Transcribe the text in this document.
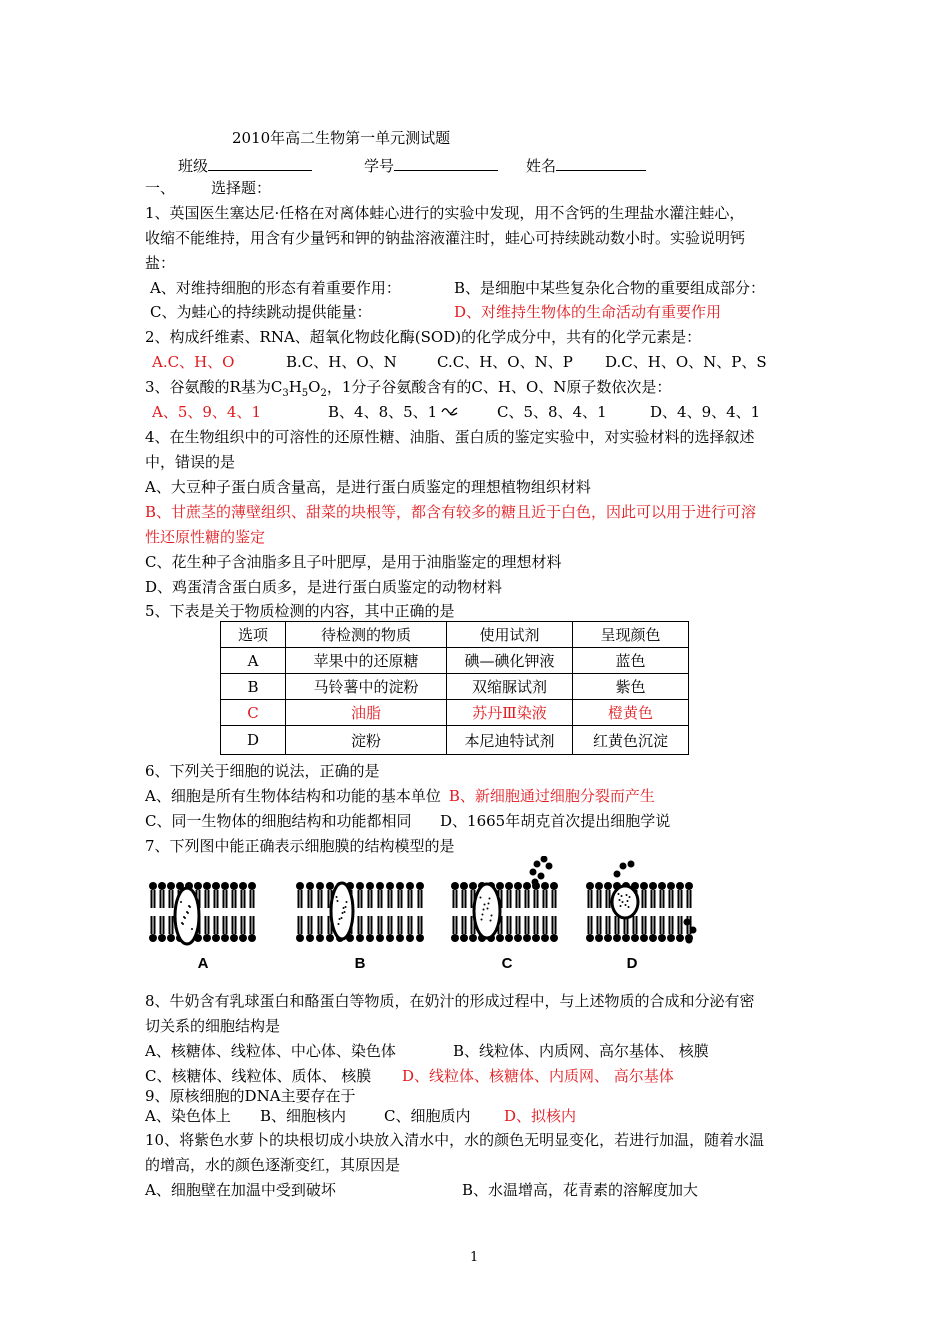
2010年高二生物第一单元测试题
班级	学号	姓名
一、 选择题：
1、英国医生塞达尼·任格在对离体蛙心进行的实验中发现，用不含钙的生理盐水灌注蛙心，
收缩不能维持，用含有少量钙和钾的钠盐溶液灌注时，蛙心可持续跳动数小时。实验说明钙
盐：
A、对维持细胞的形态有着重要作用：	B、是细胞中某些复杂化合物的重要组成部分：
C、为蛙心的持续跳动提供能量：	D、对维持生物体的生命活动有重要作用
2、构成纤维素、RNA、超氧化物歧化酶(SOD)的化学成分中，共有的化学元素是：
A.C、H、O	B.C、H、O、N	C.C、H、O、N、P D.C、H、O、N、P、S
3、谷氨酸的R基为$C_3H_5O_2$，1分子谷氨酸含有的C、H、O、N原子数依次是：
A、5、9、4、1	B、4、8、5、1	C、5、8、4、1	D、4、9、4、1
4、在生物组织中的可溶性的还原性糖、油脂、蛋白质的鉴定实验中，对实验材料的选择叙述
中，错误的是
A、大豆种子蛋白质含量高，是进行蛋白质鉴定的理想植物组织材料
B、甘蔗茎的薄壁组织、甜菜的块根等，都含有较多的糖且近于白色，因此可以用于进行可溶
性还原性糖的鉴定
C、花生种子含油脂多且子叶肥厚，是用于油脂鉴定的理想材料
D、鸡蛋清含蛋白质多，是进行蛋白质鉴定的动物材料
5、下表是关于物质检测的内容，其中正确的是
选项	待检测的物质	使用试剂	呈现颜色
A	苹果中的还原糖	碘—碘化钾液	蓝色
B	马铃薯中的淀粉	双缩脲试剂	紫色
C	油脂	苏丹Ⅲ染液	橙黄色
D	淀粉	本尼迪特试剂	红黄色沉淀
6、下列关于细胞的说法，正确的是
A、细胞是所有生物体结构和功能的基本单位 B、新细胞通过细胞分裂而产生
C、同一生物体的细胞结构和功能都相同 D、1665年胡克首次提出细胞学说
7、下列图中能正确表示细胞膜的结构模型的是
A	B	C	D
8、牛奶含有乳球蛋白和酪蛋白等物质，在奶汁的形成过程中，与上述物质的合成和分泌有密
切关系的细胞结构是
A、核糖体、线粒体、中心体、染色体	B、线粒体、内质网、高尔基体、 核膜
C、核糖体、线粒体、质体、 核膜 D、线粒体、核糖体、内质网、 高尔基体
9、原核细胞的DNA主要存在于
A、染色体上 B、细胞核内	C、细胞质内 D、拟核内
10、将紫色水萝卜的块根切成小块放入清水中，水的颜色无明显变化，若进行加温，随着水温
的增高，水的颜色逐渐变红，其原因是
A、细胞壁在加温中受到破坏	B、水温增高，花青素的溶解度加大
1
